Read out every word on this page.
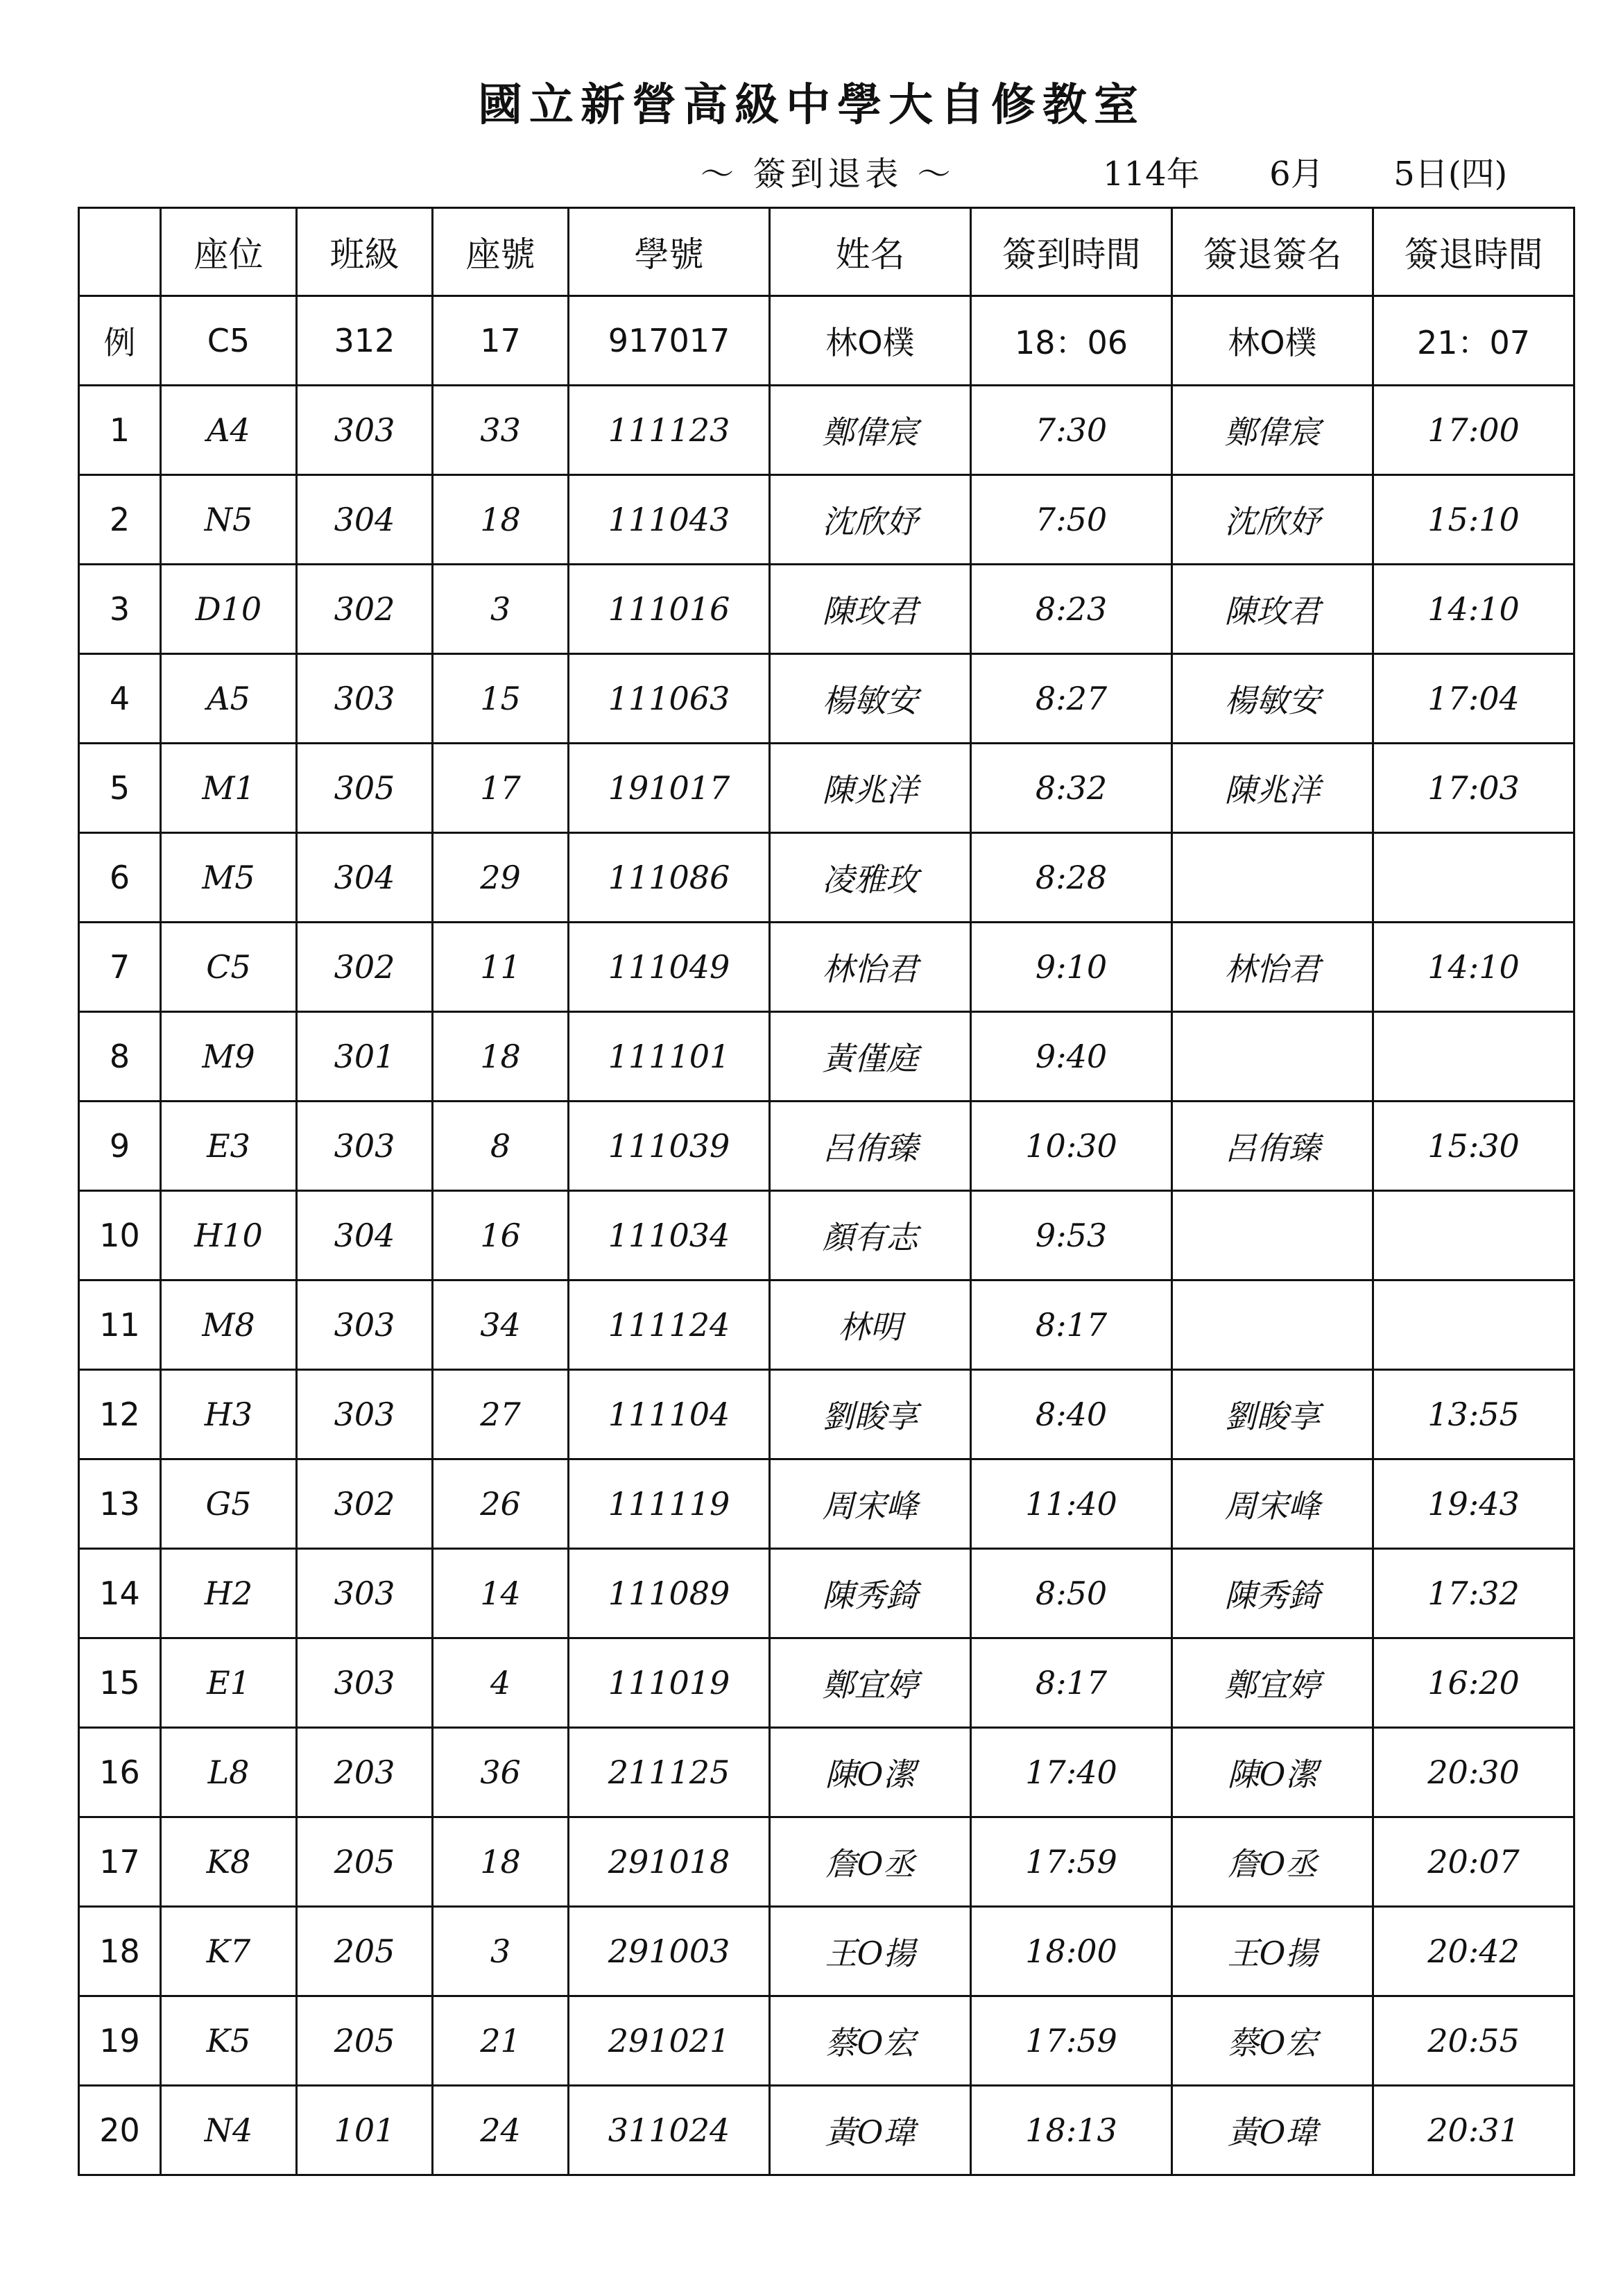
國立新營高級中學大自修教室
～ 簽到退表 ～	114年 6月 5日(四)
	座位	班級	座號	學號	姓名	簽到時間	簽退簽名	簽退時間
例	C5	312	17	917017	林O樸	18：06	林O樸	21：07
1	A4	303	33	111123	鄭偉宸	7:30	鄭偉宸	17:00
2	N5	304	18	111043	沈欣妤	7:50	沈欣妤	15:10
3	D10	302	3	111016	陳玫君	8:23	陳玫君	14:10
4	A5	303	15	111063	楊敏安	8:27	楊敏安	17:04
5	M1	305	17	191017	陳兆洋	8:32	陳兆洋	17:03
6	M5	304	29	111086	凌雅玫	8:28		
7	C5	302	11	111049	林怡君	9:10	林怡君	14:10
8	M9	301	18	111101	黃僅庭	9:40		
9	E3	303	8	111039	呂侑臻	10:30	呂侑臻	15:30
10	H10	304	16	111034	顏有志	9:53		
11	M8	303	34	111124	林明	8:17		
12	H3	303	27	111104	劉睃享	8:40	劉睃享	13:55
13	G5	302	26	111119	周宋峰	11:40	周宋峰	19:43
14	H2	303	14	111089	陳秀錡	8:50	陳秀錡	17:32
15	E1	303	4	111019	鄭宜婷	8:17	鄭宜婷	16:20
16	L8	203	36	211125	陳O潔	17:40	陳O潔	20:30
17	K8	205	18	291018	詹O丞	17:59	詹O丞	20:07
18	K7	205	3	291003	王O揚	18:00	王O揚	20:42
19	K5	205	21	291021	蔡O宏	17:59	蔡O宏	20:55
20	N4	101	24	311024	黃O瑋	18:13	黃O瑋	20:31
